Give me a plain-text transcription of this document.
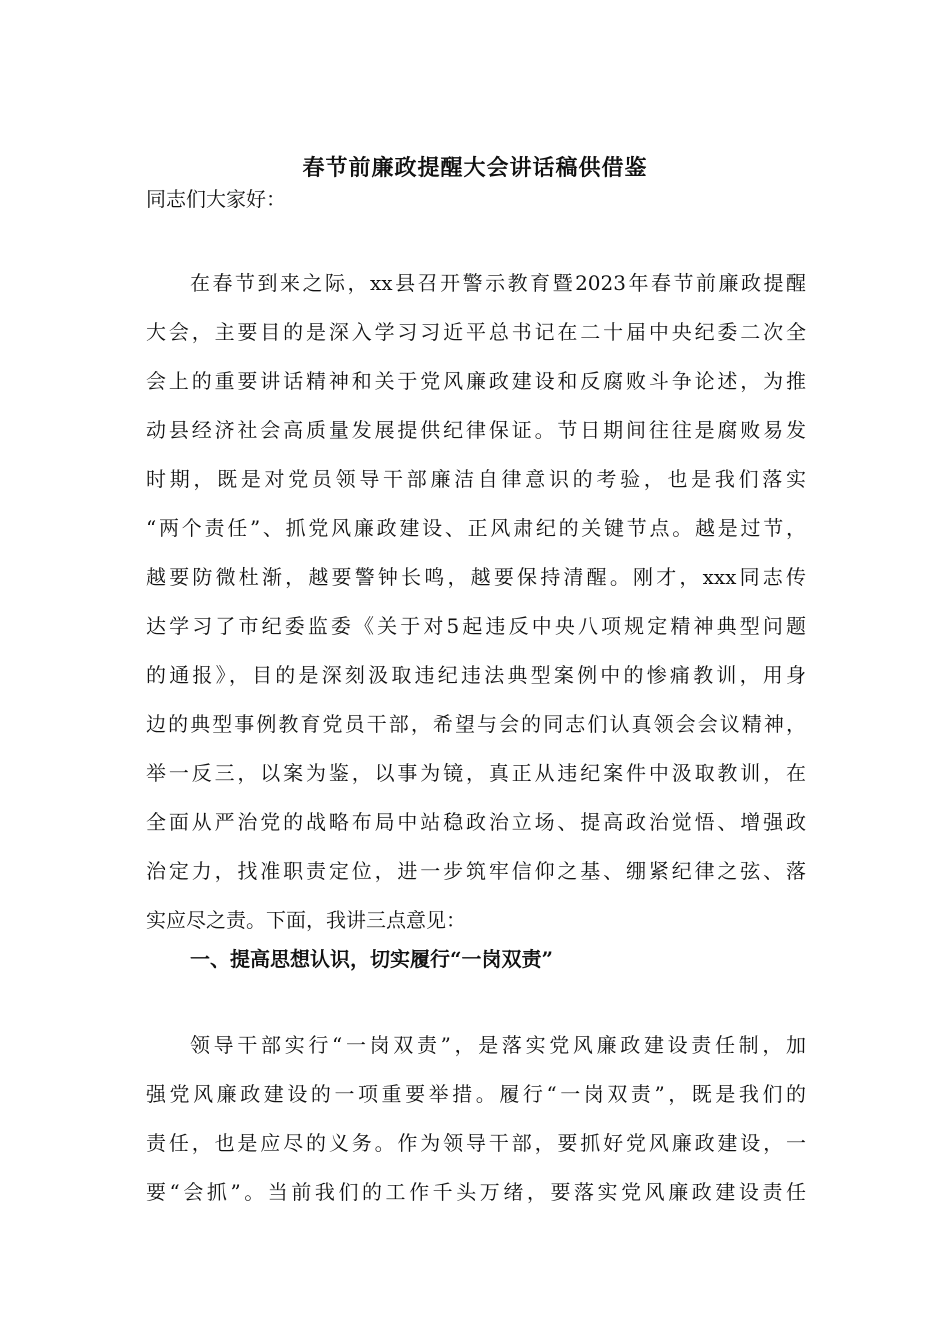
春节前廉政提醒大会讲话稿供借鉴
同志们大家好：
在春节到来之际，xx县召开警示教育暨2023年春节前廉政提醒
大会，主要目的是深入学习习近平总书记在二十届中央纪委二次全
会上的重要讲话精神和关于党风廉政建设和反腐败斗争论述，为推
动县经济社会高质量发展提供纪律保证。节日期间往往是腐败易发
时期，既是对党员领导干部廉洁自律意识的考验，也是我们落实
“两个责任”、抓党风廉政建设、正风肃纪的关键节点。越是过节，
越要防微杜渐，越要警钟长鸣，越要保持清醒。刚才，xxx同志传
达学习了市纪委监委《关于对5起违反中央八项规定精神典型问题
的通报》，目的是深刻汲取违纪违法典型案例中的惨痛教训，用身
边的典型事例教育党员干部，希望与会的同志们认真领会会议精神，
举一反三，以案为鉴，以事为镜，真正从违纪案件中汲取教训，在
全面从严治党的战略布局中站稳政治立场、提高政治觉悟、增强政
治定力，找准职责定位，进一步筑牢信仰之基、绷紧纪律之弦、落
实应尽之责。下面，我讲三点意见：
一、提高思想认识，切实履行“一岗双责”
领导干部实行“一岗双责”，是落实党风廉政建设责任制，加
强党风廉政建设的一项重要举措。履行“一岗双责”，既是我们的
责任，也是应尽的义务。作为领导干部，要抓好党风廉政建设，一
要“会抓”。当前我们的工作千头万绪，要落实党风廉政建设责任
